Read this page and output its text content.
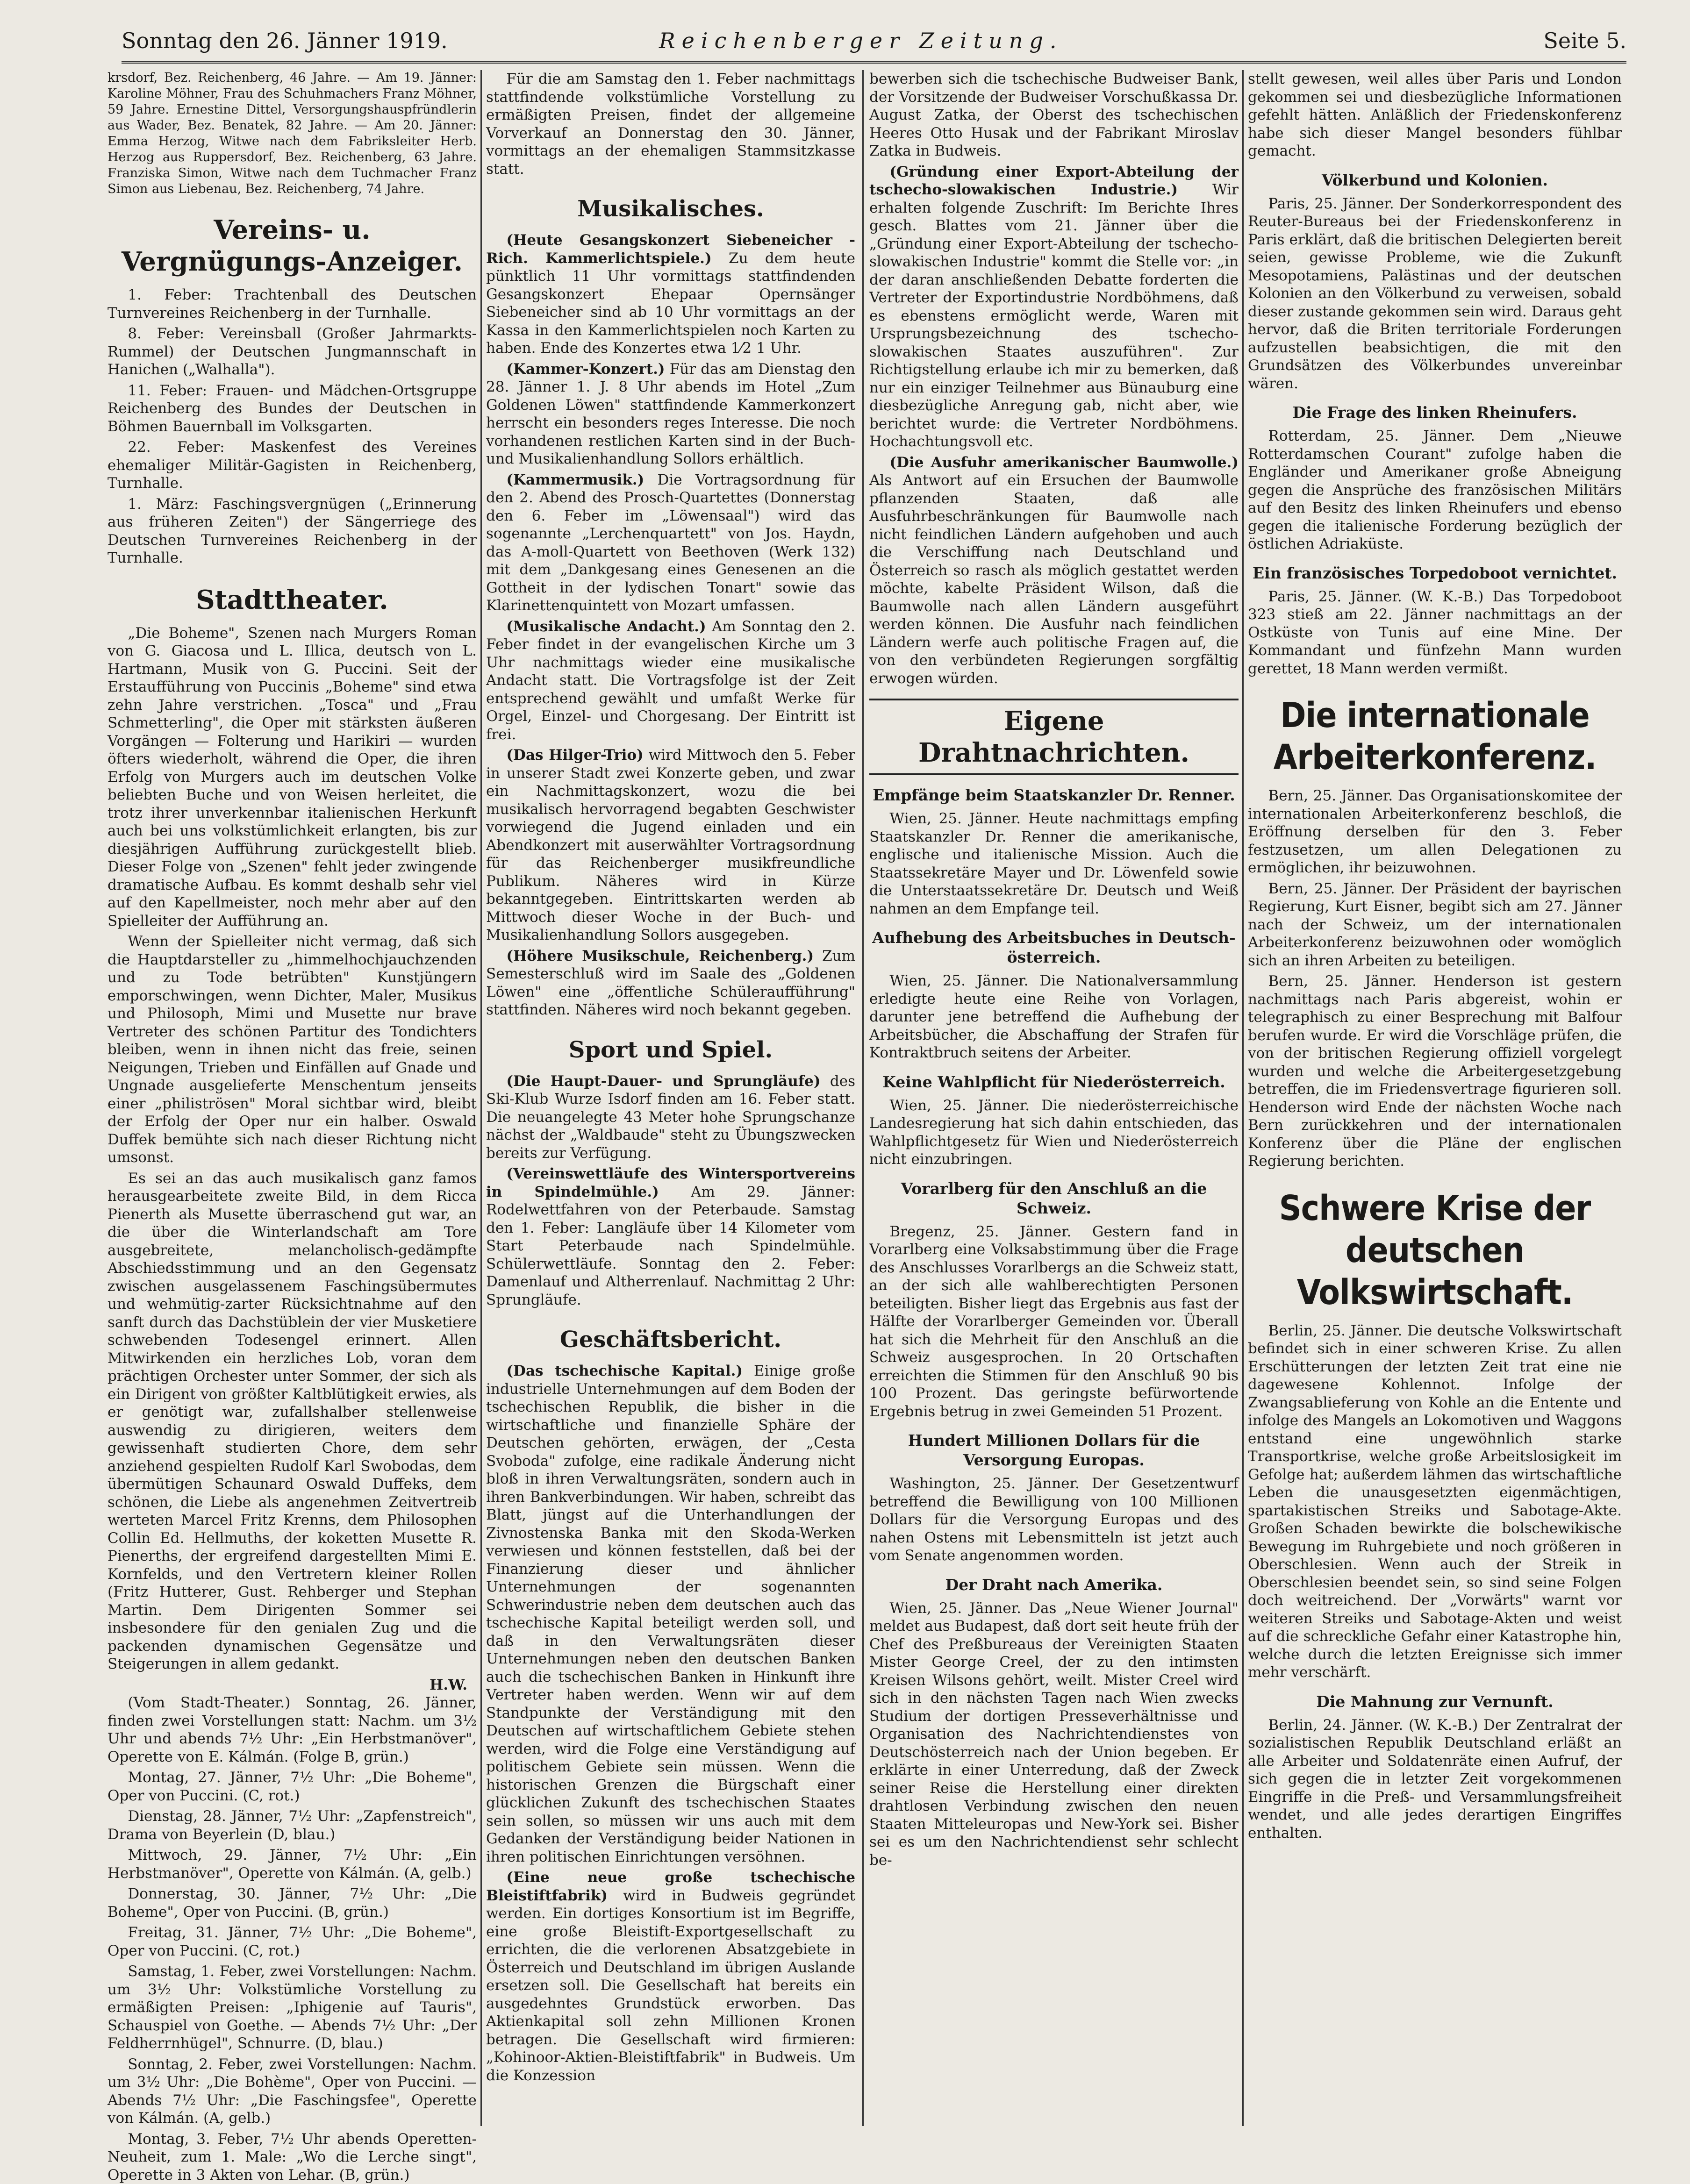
Sonntag den 26. Jänner 1919.	Reichenberger Zeitung.	Seite 5.

krsdorf, Bez. Reichenberg, 46 Jahre. — Am 19. Jänner: Karoline Möhner, Frau des Schuhmachers Franz Möhner, 59 Jahre. Ernestine Dittel, Versorgungshauspfründlerin aus Wader, Bez. Benatek, 82 Jahre. — Am 20. Jänner: Emma Herzog, Witwe nach dem Fabriksleiter Herb. Herzog aus Ruppersdorf, Bez. Reichenberg, 63 Jahre. Franziska Simon, Witwe nach dem Tuchmacher Franz Simon aus Liebenau, Bez. Reichenberg, 74 Jahre.

Vereins- u. Vergnügungs-Anzeiger.

1. Feber: Trachtenball des Deutschen Turnvereines Reichenberg in der Turnhalle.

8. Feber: Vereinsball (Großer Jahrmarkts-Rummel) der Deutschen Jungmannschaft in Hanichen („Walhalla").

11. Feber: Frauen- und Mädchen-Ortsgruppe Reichenberg des Bundes der Deutschen in Böhmen Bauernball im Volksgarten.

22. Feber: Maskenfest des Vereines ehemaliger Militär-Gagisten in Reichenberg, Turnhalle.

1. März: Faschingsvergnügen („Erinnerung aus früheren Zeiten") der Sängerriege des Deutschen Turnvereines Reichenberg in der Turnhalle.

Stadttheater.

„Die Boheme", Szenen nach Murgers Roman von G. Giacosa und L. Illica, deutsch von L. Hartmann, Musik von G. Puccini. Seit der Erstaufführung von Puccinis „Boheme" sind etwa zehn Jahre verstrichen. „Tosca" und „Frau Schmetterling", die Oper mit stärksten äußeren Vorgängen — Folterung und Harikiri — wurden öfters wiederholt, während die Oper, die ihren Erfolg von Murgers auch im deutschen Volke beliebten Buche und von Weisen herleitet, die trotz ihrer unverkennbar italienischen Herkunft auch bei uns volkstümlichkeit erlangten, bis zur diesjährigen Aufführung zurückgestellt blieb. Dieser Folge von „Szenen" fehlt jeder zwingende dramatische Aufbau. Es kommt deshalb sehr viel auf den Kapellmeister, noch mehr aber auf den Spielleiter der Aufführung an.

Wenn der Spielleiter nicht vermag, daß sich die Hauptdarsteller zu „himmelhochjauchzenden und zu Tode betrübten" Kunstjüngern emporschwingen, wenn Dichter, Maler, Musikus und Philosoph, Mimi und Musette nur brave Vertreter des schönen Partitur des Tondichters bleiben, wenn in ihnen nicht das freie, seinen Neigungen, Trieben und Einfällen auf Gnade und Ungnade ausgelieferte Menschentum jenseits einer „philiströsen" Moral sichtbar wird, bleibt der Erfolg der Oper nur ein halber. Oswald Duffek bemühte sich nach dieser Richtung nicht umsonst.

Es sei an das auch musikalisch ganz famos herausgearbeitete zweite Bild, in dem Ricca Pienerth als Musette überraschend gut war, an die über die Winterlandschaft am Tore ausgebreitete, melancholisch-gedämpfte Abschiedsstimmung und an den Gegensatz zwischen ausgelassenem Faschingsübermutes und wehmütig-zarter Rücksichtnahme auf den sanft durch das Dachstüblein der vier Musketiere schwebenden Todesengel erinnert. Allen Mitwirkenden ein herzliches Lob, voran dem prächtigen Orchester unter Sommer, der sich als ein Dirigent von größter Kaltblütigkeit erwies, als er genötigt war, zufallshalber stellenweise auswendig zu dirigieren, weiters dem gewissenhaft studierten Chore, dem sehr anziehend gespielten Rudolf Karl Swobodas, dem übermütigen Schaunard Oswald Duffeks, dem schönen, die Liebe als angenehmen Zeitvertreib werteten Marcel Fritz Krenns, dem Philosophen Collin Ed. Hellmuths, der koketten Musette R. Pienerths, der ergreifend dargestellten Mimi E. Kornfelds, und den Vertretern kleiner Rollen (Fritz Hutterer, Gust. Rehberger und Stephan Martin. Dem Dirigenten Sommer sei insbesondere für den genialen Zug und die packenden dynamischen Gegensätze und Steigerungen in allem gedankt.

H.W.

(Vom Stadt-Theater.) Sonntag, 26. Jänner, finden zwei Vorstellungen statt: Nachm. um 3½ Uhr und abends 7½ Uhr: „Ein Herbstmanöver", Operette von E. Kálmán. (Folge B, grün.)

Montag, 27. Jänner, 7½ Uhr: „Die Boheme", Oper von Puccini. (C, rot.)

Dienstag, 28. Jänner, 7½ Uhr: „Zapfenstreich", Drama von Beyerlein (D, blau.)

Mittwoch, 29. Jänner, 7½ Uhr: „Ein Herbstmanöver", Operette von Kálmán. (A, gelb.)

Donnerstag, 30. Jänner, 7½ Uhr: „Die Boheme", Oper von Puccini. (B, grün.)

Freitag, 31. Jänner, 7½ Uhr: „Die Boheme", Oper von Puccini. (C, rot.)

Samstag, 1. Feber, zwei Vorstellungen: Nachm. um 3½ Uhr: Volkstümliche Vorstellung zu ermäßigten Preisen: „Iphigenie auf Tauris", Schauspiel von Goethe. — Abends 7½ Uhr: „Der Feldherrnhügel", Schnurre. (D, blau.)

Sonntag, 2. Feber, zwei Vorstellungen: Nachm. um 3½ Uhr: „Die Bohème", Oper von Puccini. — Abends 7½ Uhr: „Die Faschingsfee", Operette von Kálmán. (A, gelb.)

Montag, 3. Feber, 7½ Uhr abends Operetten-Neuheit, zum 1. Male: „Wo die Lerche singt", Operette in 3 Akten von Lehar. (B, grün.)

Für die am Samstag den 1. Feber nachmittags stattfindende volkstümliche Vorstellung zu ermäßigten Preisen, findet der allgemeine Vorverkauf an Donnerstag den 30. Jänner, vormittags an der ehemaligen Stammsitzkasse statt.

Musikalisches.

(Heute Gesangskonzert Siebeneicher - Rich. Kammerlichtspiele.) Zu dem heute pünktlich 11 Uhr vormittags stattfindenden Gesangskonzert Ehepaar Opernsänger Siebeneicher sind ab 10 Uhr vormittags an der Kassa in den Kammerlichtspielen noch Karten zu haben. Ende des Konzertes etwa 1⁄2 1 Uhr.

(Kammer-Konzert.) Für das am Dienstag den 28. Jänner 1. J. 8 Uhr abends im Hotel „Zum Goldenen Löwen" stattfindende Kammerkonzert herrscht ein besonders reges Interesse. Die noch vorhandenen restlichen Karten sind in der Buch- und Musikalienhandlung Sollors erhältlich.

(Kammermusik.) Die Vortragsordnung für den 2. Abend des Prosch-Quartettes (Donnerstag den 6. Feber im „Löwensaal") wird das sogenannte „Lerchenquartett" von Jos. Haydn, das A-moll-Quartett von Beethoven (Werk 132) mit dem „Dankgesang eines Genesenen an die Gottheit in der lydischen Tonart" sowie das Klarinettenquintett von Mozart umfassen.

(Musikalische Andacht.) Am Sonntag den 2. Feber findet in der evangelischen Kirche um 3 Uhr nachmittags wieder eine musikalische Andacht statt. Die Vortragsfolge ist der Zeit entsprechend gewählt und umfaßt Werke für Orgel, Einzel- und Chorgesang. Der Eintritt ist frei.

(Das Hilger-Trio) wird Mittwoch den 5. Feber in unserer Stadt zwei Konzerte geben, und zwar ein Nachmittagskonzert, wozu die bei musikalisch hervorragend begabten Geschwister vorwiegend die Jugend einladen und ein Abendkonzert mit auserwählter Vortragsordnung für das Reichenberger musikfreundliche Publikum. Näheres wird in Kürze bekanntgegeben. Eintrittskarten werden ab Mittwoch dieser Woche in der Buch- und Musikalienhandlung Sollors ausgegeben.

(Höhere Musikschule, Reichenberg.) Zum Semesterschluß wird im Saale des „Goldenen Löwen" eine „öffentliche Schüleraufführung" stattfinden. Näheres wird noch bekannt gegeben.

Sport und Spiel.

(Die Haupt-Dauer- und Sprungläufe) des Ski-Klub Wurze Isdorf finden am 16. Feber statt. Die neuangelegte 43 Meter hohe Sprungschanze nächst der „Waldbaude" steht zu Übungszwecken bereits zur Verfügung.

(Vereinswettläufe des Wintersportvereins in Spindelmühle.) Am 29. Jänner: Rodelwettfahren von der Peterbaude. Samstag den 1. Feber: Langläufe über 14 Kilometer vom Start Peterbaude nach Spindelmühle. Schülerwettläufe. Sonntag den 2. Feber: Damenlauf und Altherrenlauf. Nachmittag 2 Uhr: Sprungläufe.

Geschäftsbericht.

(Das tschechische Kapital.) Einige große industrielle Unternehmungen auf dem Boden der tschechischen Republik, die bisher in die wirtschaftliche und finanzielle Sphäre der Deutschen gehörten, erwägen, der „Cesta Svoboda" zufolge, eine radikale Änderung nicht bloß in ihren Verwaltungsräten, sondern auch in ihren Bankverbindungen. Wir haben, schreibt das Blatt, jüngst auf die Unterhandlungen der Zivnostenska Banka mit den Skoda-Werken verwiesen und können feststellen, daß bei der Finanzierung dieser und ähnlicher Unternehmungen der sogenannten Schwerindustrie neben dem deutschen auch das tschechische Kapital beteiligt werden soll, und daß in den Verwaltungsräten dieser Unternehmungen neben den deutschen Banken auch die tschechischen Banken in Hinkunft ihre Vertreter haben werden. Wenn wir auf dem Standpunkte der Verständigung mit den Deutschen auf wirtschaftlichem Gebiete stehen werden, wird die Folge eine Verständigung auf politischem Gebiete sein müssen. Wenn die historischen Grenzen die Bürgschaft einer glücklichen Zukunft des tschechischen Staates sein sollen, so müssen wir uns auch mit dem Gedanken der Verständigung beider Nationen in ihren politischen Einrichtungen versöhnen.

(Eine neue große tschechische Bleistiftfabrik) wird in Budweis gegründet werden. Ein dortiges Konsortium ist im Begriffe, eine große Bleistift-Exportgesellschaft zu errichten, die die verlorenen Absatzgebiete in Österreich und Deutschland im übrigen Auslande ersetzen soll. Die Gesellschaft hat bereits ein ausgedehntes Grundstück erworben. Das Aktienkapital soll zehn Millionen Kronen betragen. Die Gesellschaft wird firmieren: „Kohinoor-Aktien-Bleistiftfabrik" in Budweis. Um die Konzession

bewerben sich die tschechische Budweiser Bank, der Vorsitzende der Budweiser Vorschußkassa Dr. August Zatka, der Oberst des tschechischen Heeres Otto Husak und der Fabrikant Miroslav Zatka in Budweis.

(Gründung einer Export-Abteilung der tschecho-slowakischen Industrie.) Wir erhalten folgende Zuschrift: Im Berichte Ihres gesch. Blattes vom 21. Jänner über die „Gründung einer Export-Abteilung der tschecho-slowakischen Industrie" kommt die Stelle vor: „in der daran anschließenden Debatte forderten die Vertreter der Exportindustrie Nordböhmens, daß es ebenstens ermöglicht werde, Waren mit Ursprungsbezeichnung des tschecho-slowakischen Staates auszuführen". Zur Richtigstellung erlaube ich mir zu bemerken, daß nur ein einziger Teilnehmer aus Bünauburg eine diesbezügliche Anregung gab, nicht aber, wie berichtet wurde: die Vertreter Nordböhmens. Hochachtungsvoll etc.

(Die Ausfuhr amerikanischer Baumwolle.) Als Antwort auf ein Ersuchen der Baumwolle pflanzenden Staaten, daß alle Ausfuhrbeschränkungen für Baumwolle nach nicht feindlichen Ländern aufgehoben und auch die Verschiffung nach Deutschland und Österreich so rasch als möglich gestattet werden möchte, kabelte Präsident Wilson, daß die Baumwolle nach allen Ländern ausgeführt werden können. Die Ausfuhr nach feindlichen Ländern werfe auch politische Fragen auf, die von den verbündeten Regierungen sorgfältig erwogen würden.

Eigene Drahtnachrichten.
Empfänge beim Staatskanzler Dr. Renner.

Wien, 25. Jänner. Heute nachmittags empfing Staatskanzler Dr. Renner die amerikanische, englische und italienische Mission. Auch die Staatssekretäre Mayer und Dr. Löwenfeld sowie die Unterstaatssekretäre Dr. Deutsch und Weiß nahmen an dem Empfange teil.

Aufhebung des Arbeitsbuches in Deutsch-österreich.

Wien, 25. Jänner. Die Nationalversammlung erledigte heute eine Reihe von Vorlagen, darunter jene betreffend die Aufhebung der Arbeitsbücher, die Abschaffung der Strafen für Kontraktbruch seitens der Arbeiter.

Keine Wahlpflicht für Niederösterreich.

Wien, 25. Jänner. Die niederösterreichische Landesregierung hat sich dahin entschieden, das Wahlpflichtgesetz für Wien und Niederösterreich nicht einzubringen.

Vorarlberg für den Anschluß an die Schweiz.

Bregenz, 25. Jänner. Gestern fand in Vorarlberg eine Volksabstimmung über die Frage des Anschlusses Vorarlbergs an die Schweiz statt, an der sich alle wahlberechtigten Personen beteiligten. Bisher liegt das Ergebnis aus fast der Hälfte der Vorarlberger Gemeinden vor. Überall hat sich die Mehrheit für den Anschluß an die Schweiz ausgesprochen. In 20 Ortschaften erreichten die Stimmen für den Anschluß 90 bis 100 Prozent. Das geringste befürwortende Ergebnis betrug in zwei Gemeinden 51 Prozent.

Hundert Millionen Dollars für die Versorgung Europas.

Washington, 25. Jänner. Der Gesetzentwurf betreffend die Bewilligung von 100 Millionen Dollars für die Versorgung Europas und des nahen Ostens mit Lebensmitteln ist jetzt auch vom Senate angenommen worden.

Der Draht nach Amerika.

Wien, 25. Jänner. Das „Neue Wiener Journal" meldet aus Budapest, daß dort seit heute früh der Chef des Preßbureaus der Vereinigten Staaten Mister George Creel, der zu den intimsten Kreisen Wilsons gehört, weilt. Mister Creel wird sich in den nächsten Tagen nach Wien zwecks Studium der dortigen Presseverhältnisse und Organisation des Nachrichtendienstes von Deutschösterreich nach der Union begeben. Er erklärte in einer Unterredung, daß der Zweck seiner Reise die Herstellung einer direkten drahtlosen Verbindung zwischen den neuen Staaten Mitteleuropas und New-York sei. Bisher sei es um den Nachrichtendienst sehr schlecht be-

stellt gewesen, weil alles über Paris und London gekommen sei und diesbezügliche Informationen gefehlt hätten. Anläßlich der Friedenskonferenz habe sich dieser Mangel besonders fühlbar gemacht.

Völkerbund und Kolonien.

Paris, 25. Jänner. Der Sonderkorrespondent des Reuter-Bureaus bei der Friedenskonferenz in Paris erklärt, daß die britischen Delegierten bereit seien, gewisse Probleme, wie die Zukunft Mesopotamiens, Palästinas und der deutschen Kolonien an den Völkerbund zu verweisen, sobald dieser zustande gekommen sein wird. Daraus geht hervor, daß die Briten territoriale Forderungen aufzustellen beabsichtigen, die mit den Grundsätzen des Völkerbundes unvereinbar wären.

Die Frage des linken Rheinufers.

Rotterdam, 25. Jänner. Dem „Nieuwe Rotterdamschen Courant" zufolge haben die Engländer und Amerikaner große Abneigung gegen die Ansprüche des französischen Militärs auf den Besitz des linken Rheinufers und ebenso gegen die italienische Forderung bezüglich der östlichen Adriaküste.

Ein französisches Torpedoboot vernichtet.

Paris, 25. Jänner. (W. K.-B.) Das Torpedoboot 323 stieß am 22. Jänner nachmittags an der Ostküste von Tunis auf eine Mine. Der Kommandant und fünfzehn Mann wurden gerettet, 18 Mann werden vermißt.

Die internationale Arbeiterkonferenz.

Bern, 25. Jänner. Das Organisationskomitee der internationalen Arbeiterkonferenz beschloß, die Eröffnung derselben für den 3. Feber festzusetzen, um allen Delegationen zu ermöglichen, ihr beizuwohnen.

Bern, 25. Jänner. Der Präsident der bayrischen Regierung, Kurt Eisner, begibt sich am 27. Jänner nach der Schweiz, um der internationalen Arbeiterkonferenz beizuwohnen oder womöglich sich an ihren Arbeiten zu beteiligen.

Bern, 25. Jänner. Henderson ist gestern nachmittags nach Paris abgereist, wohin er telegraphisch zu einer Besprechung mit Balfour berufen wurde. Er wird die Vorschläge prüfen, die von der britischen Regierung offiziell vorgelegt wurden und welche die Arbeitergesetzgebung betreffen, die im Friedensvertrage figurieren soll. Henderson wird Ende der nächsten Woche nach Bern zurückkehren und der internationalen Konferenz über die Pläne der englischen Regierung berichten.

Schwere Krise der deutschen Volkswirtschaft.

Berlin, 25. Jänner. Die deutsche Volkswirtschaft befindet sich in einer schweren Krise. Zu allen Erschütterungen der letzten Zeit trat eine nie dagewesene Kohlennot. Infolge der Zwangsablieferung von Kohle an die Entente und infolge des Mangels an Lokomotiven und Waggons entstand eine ungewöhnlich starke Transportkrise, welche große Arbeitslosigkeit im Gefolge hat; außerdem lähmen das wirtschaftliche Leben die unausgesetzten eigenmächtigen, spartakistischen Streiks und Sabotage-Akte. Großen Schaden bewirkte die bolschewikische Bewegung im Ruhrgebiete und noch größeren in Oberschlesien. Wenn auch der Streik in Oberschlesien beendet sein, so sind seine Folgen doch weitreichend. Der „Vorwärts" warnt vor weiteren Streiks und Sabotage-Akten und weist auf die schreckliche Gefahr einer Katastrophe hin, welche durch die letzten Ereignisse sich immer mehr verschärft.

Die Mahnung zur Vernunft.

Berlin, 24. Jänner. (W. K.-B.) Der Zentralrat der sozialistischen Republik Deutschland erläßt an alle Arbeiter und Soldatenräte einen Aufruf, der sich gegen die in letzter Zeit vorgekommenen Eingriffe in die Preß- und Versammlungsfreiheit wendet, und alle jedes derartigen Eingriffes enthalten.
